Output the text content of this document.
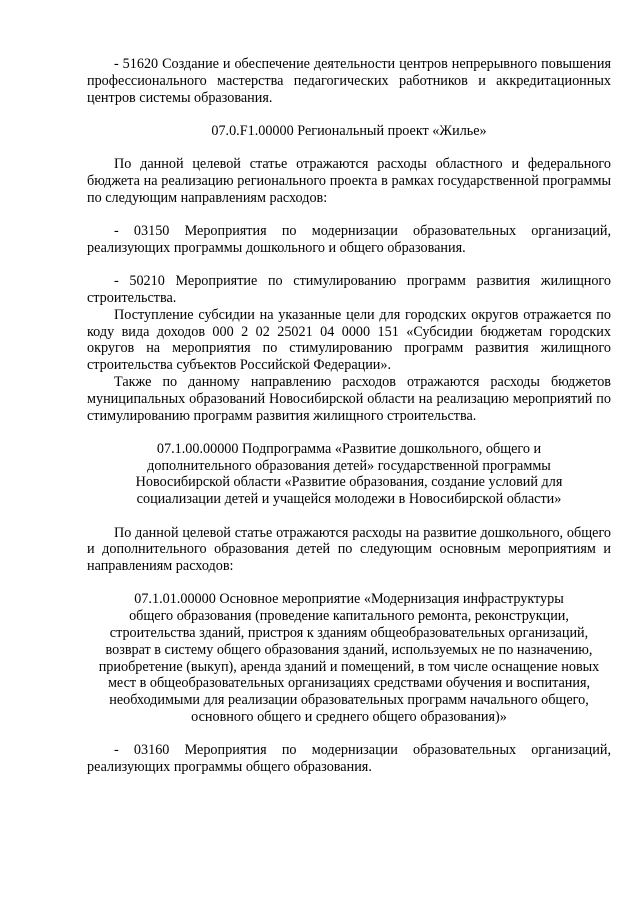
- 51620 Создание и обеспечение деятельности центров непрерывного повышения профессионального мастерства педагогических работников и аккредитационных центров системы образования.

07.0.F1.00000 Региональный проект «Жилье»

По данной целевой статье отражаются расходы областного и федерального бюджета на реализацию регионального проекта в рамках государственной программы по следующим направлениям расходов:

- 03150 Мероприятия по модернизации образовательных организаций, реализующих программы дошкольного и общего образования.

- 50210 Мероприятие по стимулированию программ развития жилищного строительства.

Поступление субсидии на указанные цели для городских округов отражается по коду вида доходов 000 2 02 25021 04 0000 151 «Субсидии бюджетам городских округов на мероприятия по стимулированию программ развития жилищного строительства субъектов Российской Федерации».

Также по данному направлению расходов отражаются расходы бюджетов муниципальных образований Новосибирской области на реализацию мероприятий по стимулированию программ развития жилищного строительства.

07.1.00.00000 Подпрограмма «Развитие дошкольного, общего и
дополнительного образования детей» государственной программы
Новосибирской области «Развитие образования, создание условий для
социализации детей и учащейся молодежи в Новосибирской области»

По данной целевой статье отражаются расходы на развитие дошкольного, общего и дополнительного образования детей по следующим основным мероприятиям и направлениям расходов:

07.1.01.00000 Основное мероприятие «Модернизация инфраструктуры
общего образования (проведение капитального ремонта, реконструкции,
строительства зданий, пристроя к зданиям общеобразовательных организаций,
возврат в систему общего образования зданий, используемых не по назначению,
приобретение (выкуп), аренда зданий и помещений, в том числе оснащение новых
мест в общеобразовательных организациях средствами обучения и воспитания,
необходимыми для реализации образовательных программ начального общего,
основного общего и среднего общего образования)»

- 03160 Мероприятия по модернизации образовательных организаций, реализующих программы общего образования.
